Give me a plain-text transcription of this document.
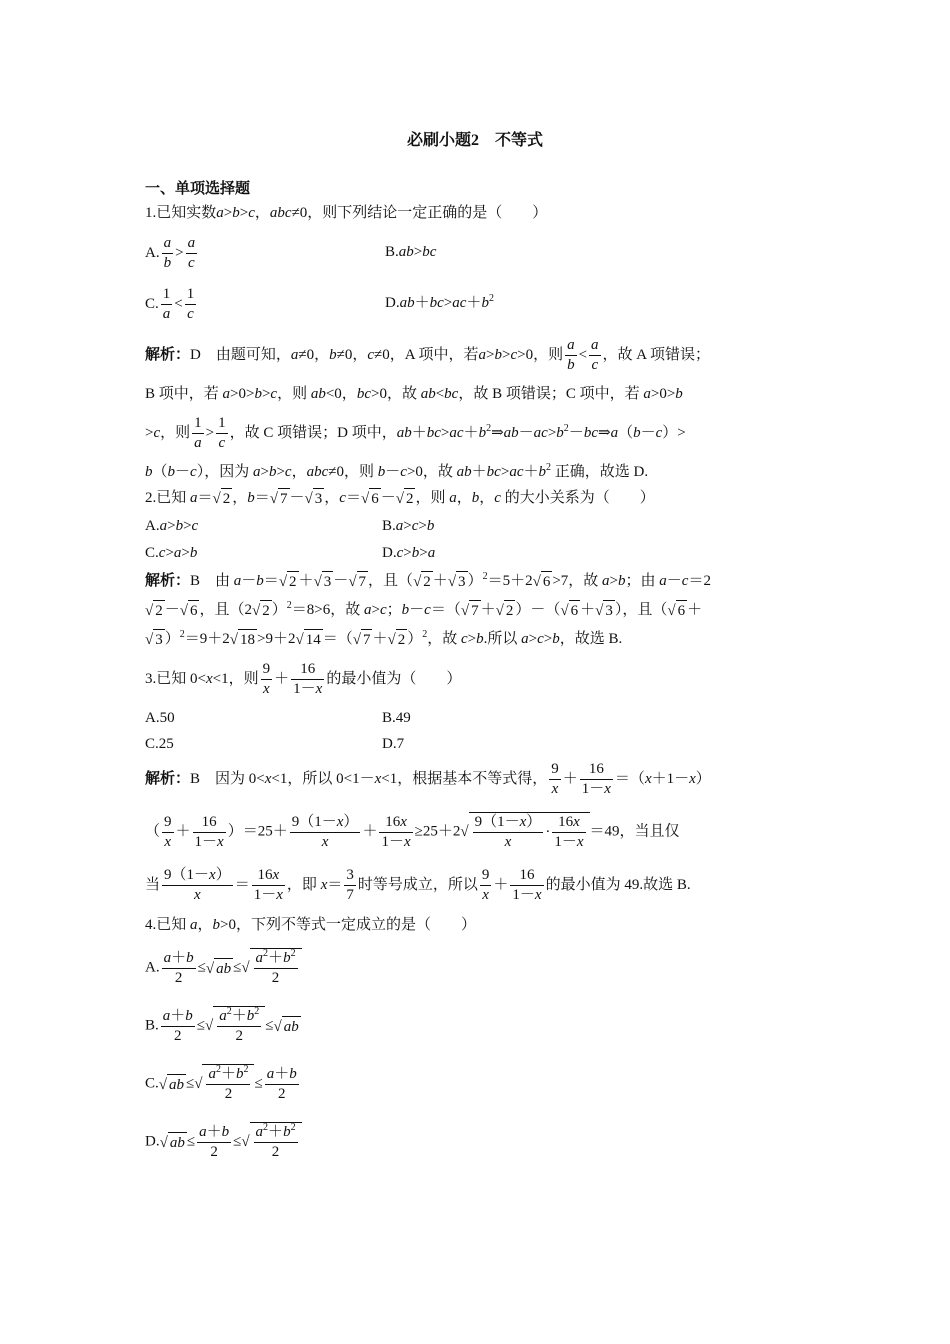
必刷小题2　不等式
一、单项选择题
1.已知实数a>b>c，abc≠0，则下列结论一定正确的是（　　）
A. $\frac{a}{b} > \frac{a}{c}$	B.ab>bc
C. $\frac{1}{a} < \frac{1}{c}$	$D.ab+bc>ac+b^2$
解析：D　由题可知，a≠0，b≠0，c≠0，A 项中，若a>b>c>0，则 $\frac{a}{b} < \frac{a}{c}$ ，故 A 项错误；
B 项中，若 a>0>b>c，则 ab<0，bc>0，故 ab<bc，故 B 项错误；C 项中，若 a>0>b
>c，则 $\frac{1}{a} > \frac{1}{c}$ ，故 C 项错误；D 项中，$ab+bc>ac+b^2\Rightarrow ab-ac>b^2-bc\Rightarrow a(b-c)>$
b（b－c），因为 a>b>c，abc≠0，则 b－c>0，故 $ab+bc>ac+b^2$ 正确，故选 D.
2.已知 a＝√ 2 ，b＝√ 7 －√ 3 ，c＝√ 6 －√ 2 ，则 a，b，c 的大小关系为（　　）
A.a>b>c	B.a>c>b
C.c>a>b	D.c>b>a
解析：B　由 a－b＝√ 2 ＋√ 3 －√ 7 ，且（√ 2 ＋√ 3 ）$^2$＝5＋2√ 6 >7，故 a>b；由 a－c＝2
√ 2 －√ 6 ，且（2√ 2 ）$^2$＝8>6，故 a>c；b－c＝（√ 7 ＋√ 2 ）－（√ 6 ＋√ 3 ），且（√ 6 ＋
√ 3 ）$^2$＝9＋2√ 18 >9＋2√ 14 ＝（√ 7 ＋√ 2 ）$^2$，故 c>b.所以 a>c>b，故选 B.
3.已知 0<x<1，则 $\frac{9}{x} + \frac{16}{1-x}$ 的最小值为（　　）
A.50	B.49
C.25	D.7
解析：B　因为 0<x<1，所以 0<1－x<1，根据基本不等式得， $\frac{9}{x} + \frac{16}{1-x} =(x+1-x)$
（ $\frac{9}{x} + \frac{16}{1-x} )=25+ \frac{9(1-x)}{x} + \frac{16x}{1-x} \ge 25+2√ \frac{9(1-x)}{x} \cdot \frac{16x}{1-x} =49$，当且仅
当 $\frac{9(1-x)}{x} = \frac{16x}{1-x}$ ，即 $x= \frac{3}{7}$ 时等号成立，所以 $\frac{9}{x} + \frac{16}{1-x}$ 的最小值为 49.故选 B.
4.已知 a，b>0，下列不等式一定成立的是（　　）
A. $\frac{a+b}{2}$ ≤√ ab ≤√ $\frac{a^2+b^2}{2}$
B. $\frac{a+b}{2}$ ≤√ $\frac{a^2+b^2}{2}$ ≤√ ab
C.√ ab ≤√ $\frac{a^2+b^2}{2} \le \frac{a+b}{2}$
D.√ ab ≤ $\frac{a+b}{2}$ ≤√ $\frac{a^2+b^2}{2}$
